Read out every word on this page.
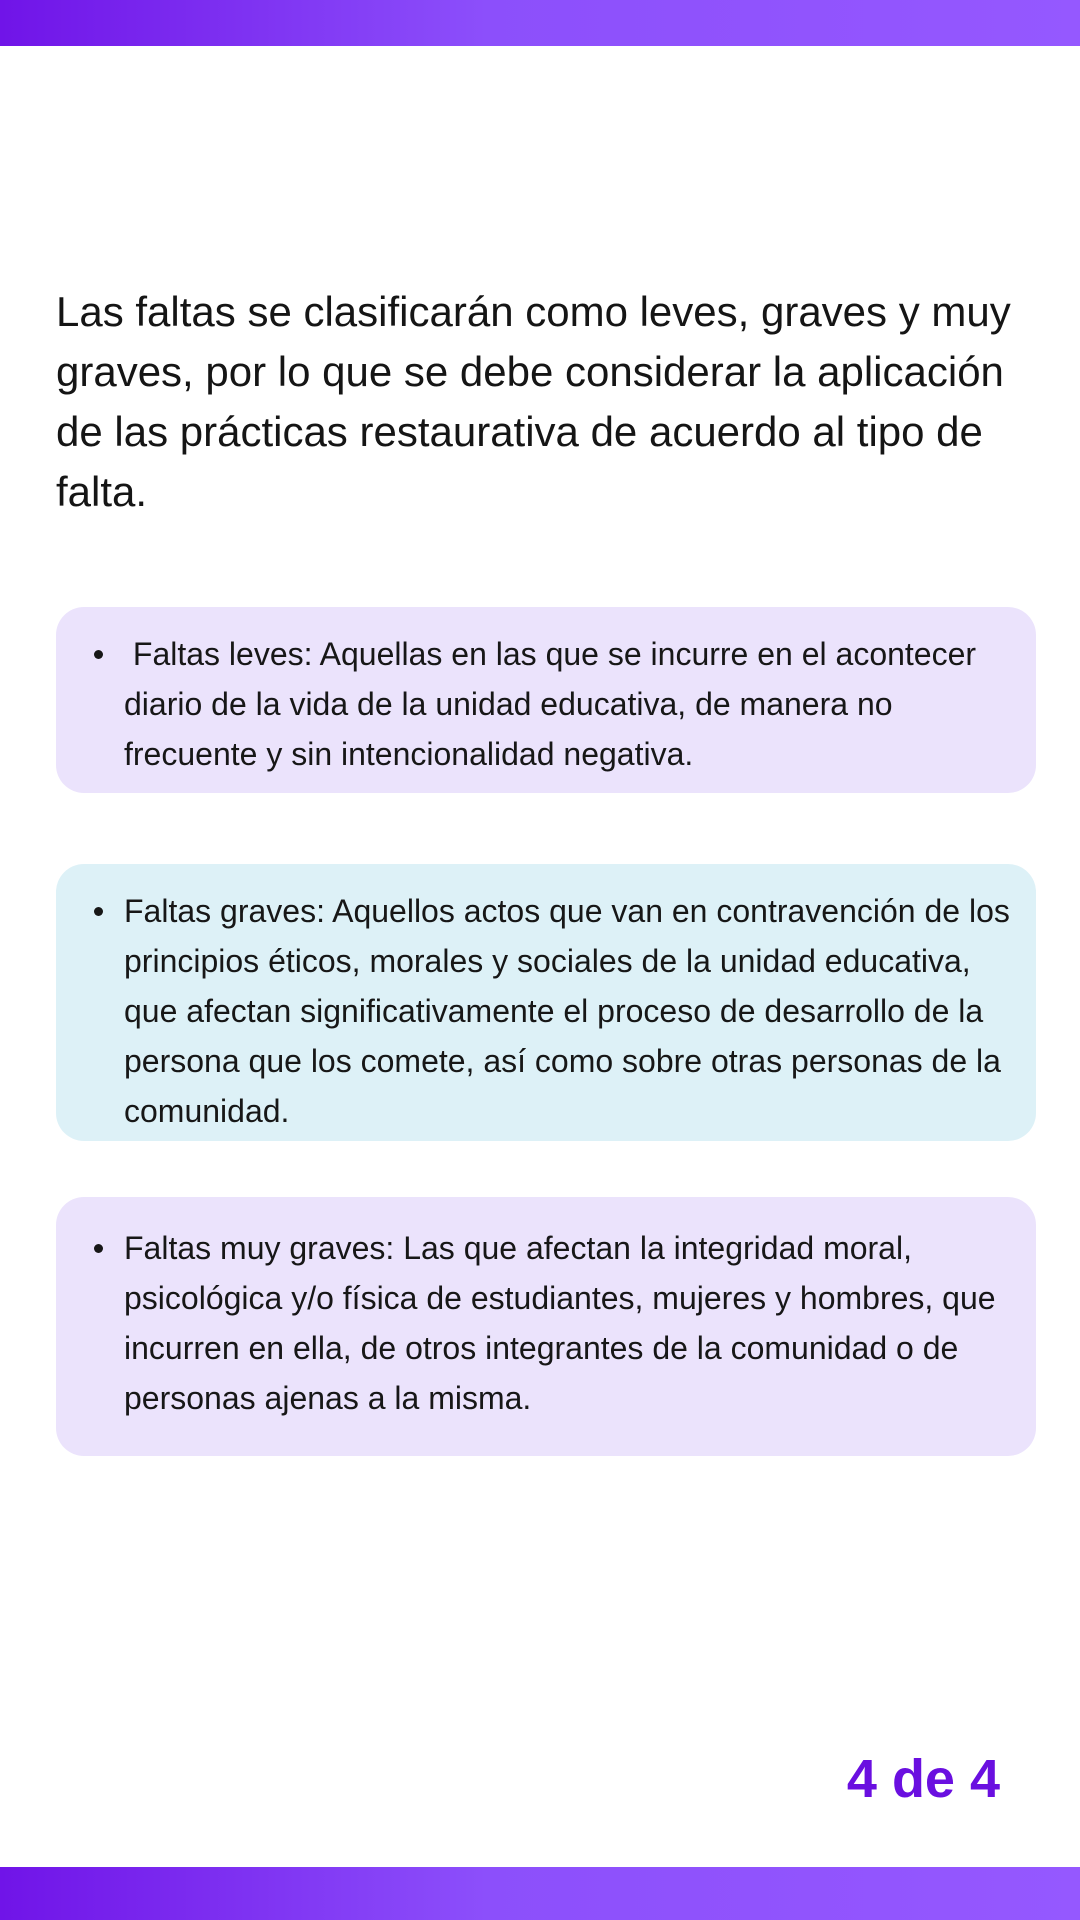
Las faltas se clasificarán como leves, graves y muy graves, por lo que se debe considerar la aplicación de las prácticas restaurativa de acuerdo al tipo de falta.

Faltas leves: Aquellas en las que se incurre en el acontecer diario de la vida de la unidad educativa, de manera no frecuente y sin intencionalidad negativa.
Faltas graves: Aquellos actos que van en contravención de los principios éticos, morales y sociales de la unidad educativa, que afectan significativamente el proceso de desarrollo de la persona que los comete, así como sobre otras personas de la comunidad.
Faltas muy graves: Las que afectan la integridad moral, psicológica y/o física de estudiantes, mujeres y hombres, que incurren en ella, de otros integrantes de la comunidad o de personas ajenas a la misma.

4 de 4
